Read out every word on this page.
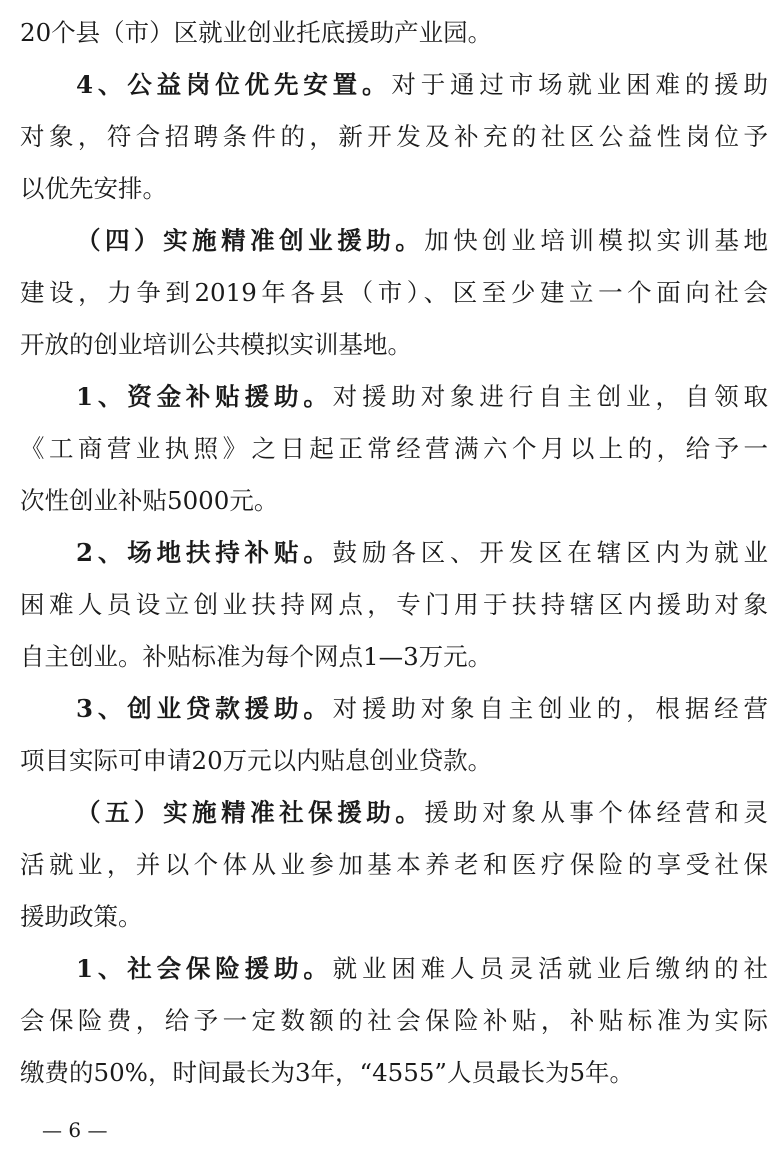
20个县（市）区就业创业托底援助产业园。
4、公益岗位优先安置。对于通过市场就业困难的援助
对象，符合招聘条件的，新开发及补充的社区公益性岗位予
以优先安排。
（四）实施精准创业援助。加快创业培训模拟实训基地
建设，力争到2019年各县（市）、区至少建立一个面向社会
开放的创业培训公共模拟实训基地。
1、资金补贴援助。对援助对象进行自主创业，自领取
《工商营业执照》之日起正常经营满六个月以上的，给予一
次性创业补贴5000元。
2、场地扶持补贴。鼓励各区、开发区在辖区内为就业
困难人员设立创业扶持网点，专门用于扶持辖区内援助对象
自主创业。补贴标准为每个网点1—3万元。
3、创业贷款援助。对援助对象自主创业的，根据经营
项目实际可申请20万元以内贴息创业贷款。
（五）实施精准社保援助。援助对象从事个体经营和灵
活就业，并以个体从业参加基本养老和医疗保险的享受社保
援助政策。
1、社会保险援助。就业困难人员灵活就业后缴纳的社
会保险费，给予一定数额的社会保险补贴，补贴标准为实际
缴费的50%，时间最长为3年，“4555”人员最长为5年。
— 6 —
